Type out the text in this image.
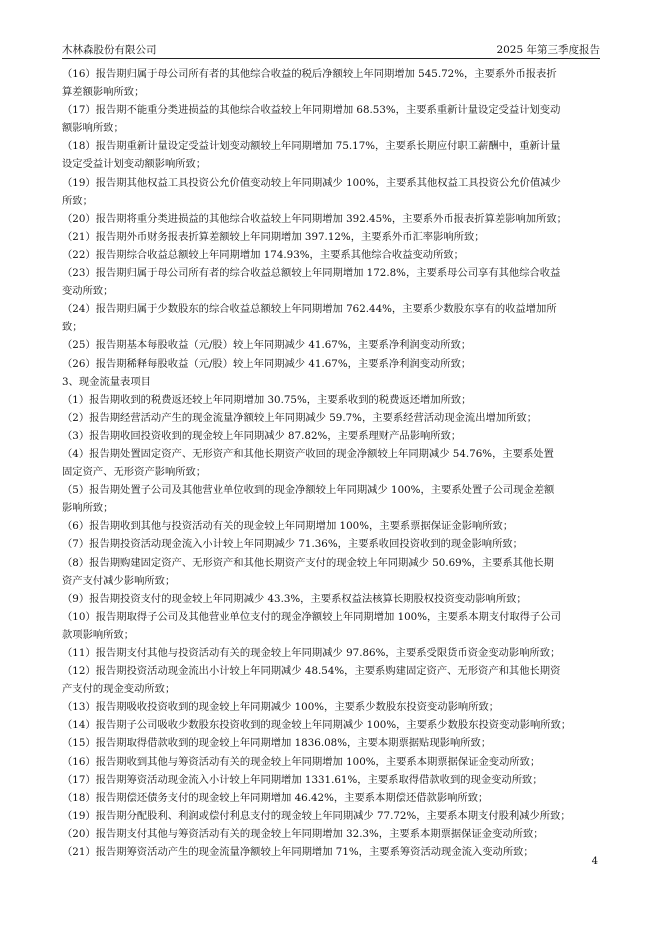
木林森股份有限公司	2025 年第三季度报告
（16）报告期归属于母公司所有者的其他综合收益的税后净额较上年同期增加 545.72%，主要系外币报表折
算差额影响所致；
（17）报告期不能重分类进损益的其他综合收益较上年同期增加 68.53%，主要系重新计量设定受益计划变动
额影响所致；
（18）报告期重新计量设定受益计划变动额较上年同期增加 75.17%，主要系长期应付职工薪酬中，重新计量
设定受益计划变动额影响所致；
（19）报告期其他权益工具投资公允价值变动较上年同期减少 100%，主要系其他权益工具投资公允价值减少
所致；
（20）报告期将重分类进损益的其他综合收益较上年同期增加 392.45%，主要系外币报表折算差影响加所致；
（21）报告期外币财务报表折算差额较上年同期增加 397.12%，主要系外币汇率影响所致；
（22）报告期综合收益总额较上年同期增加 174.93%，主要系其他综合收益变动所致；
（23）报告期归属于母公司所有者的综合收益总额较上年同期增加 172.8%，主要系母公司享有其他综合收益
变动所致；
（24）报告期归属于少数股东的综合收益总额较上年同期增加 762.44%，主要系少数股东享有的收益增加所
致；
（25）报告期基本每股收益（元/股）较上年同期减少 41.67%，主要系净利润变动所致；
（26）报告期稀释每股收益（元/股）较上年同期减少 41.67%，主要系净利润变动所致；
3、现金流量表项目
（1）报告期收到的税费返还较上年同期增加 30.75%，主要系收到的税费返还增加所致；
（2）报告期经营活动产生的现金流量净额较上年同期减少 59.7%，主要系经营活动现金流出增加所致；
（3）报告期收回投资收到的现金较上年同期减少 87.82%，主要系理财产品影响所致；
（4）报告期处置固定资产、无形资产和其他长期资产收回的现金净额较上年同期减少 54.76%，主要系处置
固定资产、无形资产影响所致；
（5）报告期处置子公司及其他营业单位收到的现金净额较上年同期减少 100%，主要系处置子公司现金差额
影响所致；
（6）报告期收到其他与投资活动有关的现金较上年同期增加 100%，主要系票据保证金影响所致；
（7）报告期投资活动现金流入小计较上年同期减少 71.36%，主要系收回投资收到的现金影响所致；
（8）报告期购建固定资产、无形资产和其他长期资产支付的现金较上年同期减少 50.69%，主要系其他长期
资产支付减少影响所致；
（9）报告期投资支付的现金较上年同期减少 43.3%，主要系权益法核算长期股权投资变动影响所致；
（10）报告期取得子公司及其他营业单位支付的现金净额较上年同期增加 100%，主要系本期支付取得子公司
款项影响所致；
（11）报告期支付其他与投资活动有关的现金较上年同期减少 97.86%，主要系受限货币资金变动影响所致；
（12）报告期投资活动现金流出小计较上年同期减少 48.54%，主要系购建固定资产、无形资产和其他长期资
产支付的现金变动所致；
（13）报告期吸收投资收到的现金较上年同期减少 100%，主要系少数股东投资变动影响所致；
（14）报告期子公司吸收少数股东投资收到的现金较上年同期减少 100%，主要系少数股东投资变动影响所致；
（15）报告期取得借款收到的现金较上年同期增加 1836.08%，主要本期票据贴现影响所致；
（16）报告期收到其他与筹资活动有关的现金较上年同期增加 100%，主要系本期票据保证金变动所致；
（17）报告期筹资活动现金流入小计较上年同期增加 1331.61%，主要系取得借款收到的现金变动所致；
（18）报告期偿还债务支付的现金较上年同期增加 46.42%，主要系本期偿还借款影响所致；
（19）报告期分配股利、利润或偿付利息支付的现金较上年同期减少 77.72%，主要系本期支付股利减少所致；
（20）报告期支付其他与筹资活动有关的现金较上年同期增加 32.3%，主要系本期票据保证金变动所致；
（21）报告期筹资活动产生的现金流量净额较上年同期增加 71%，主要系筹资活动现金流入变动所致；
4
